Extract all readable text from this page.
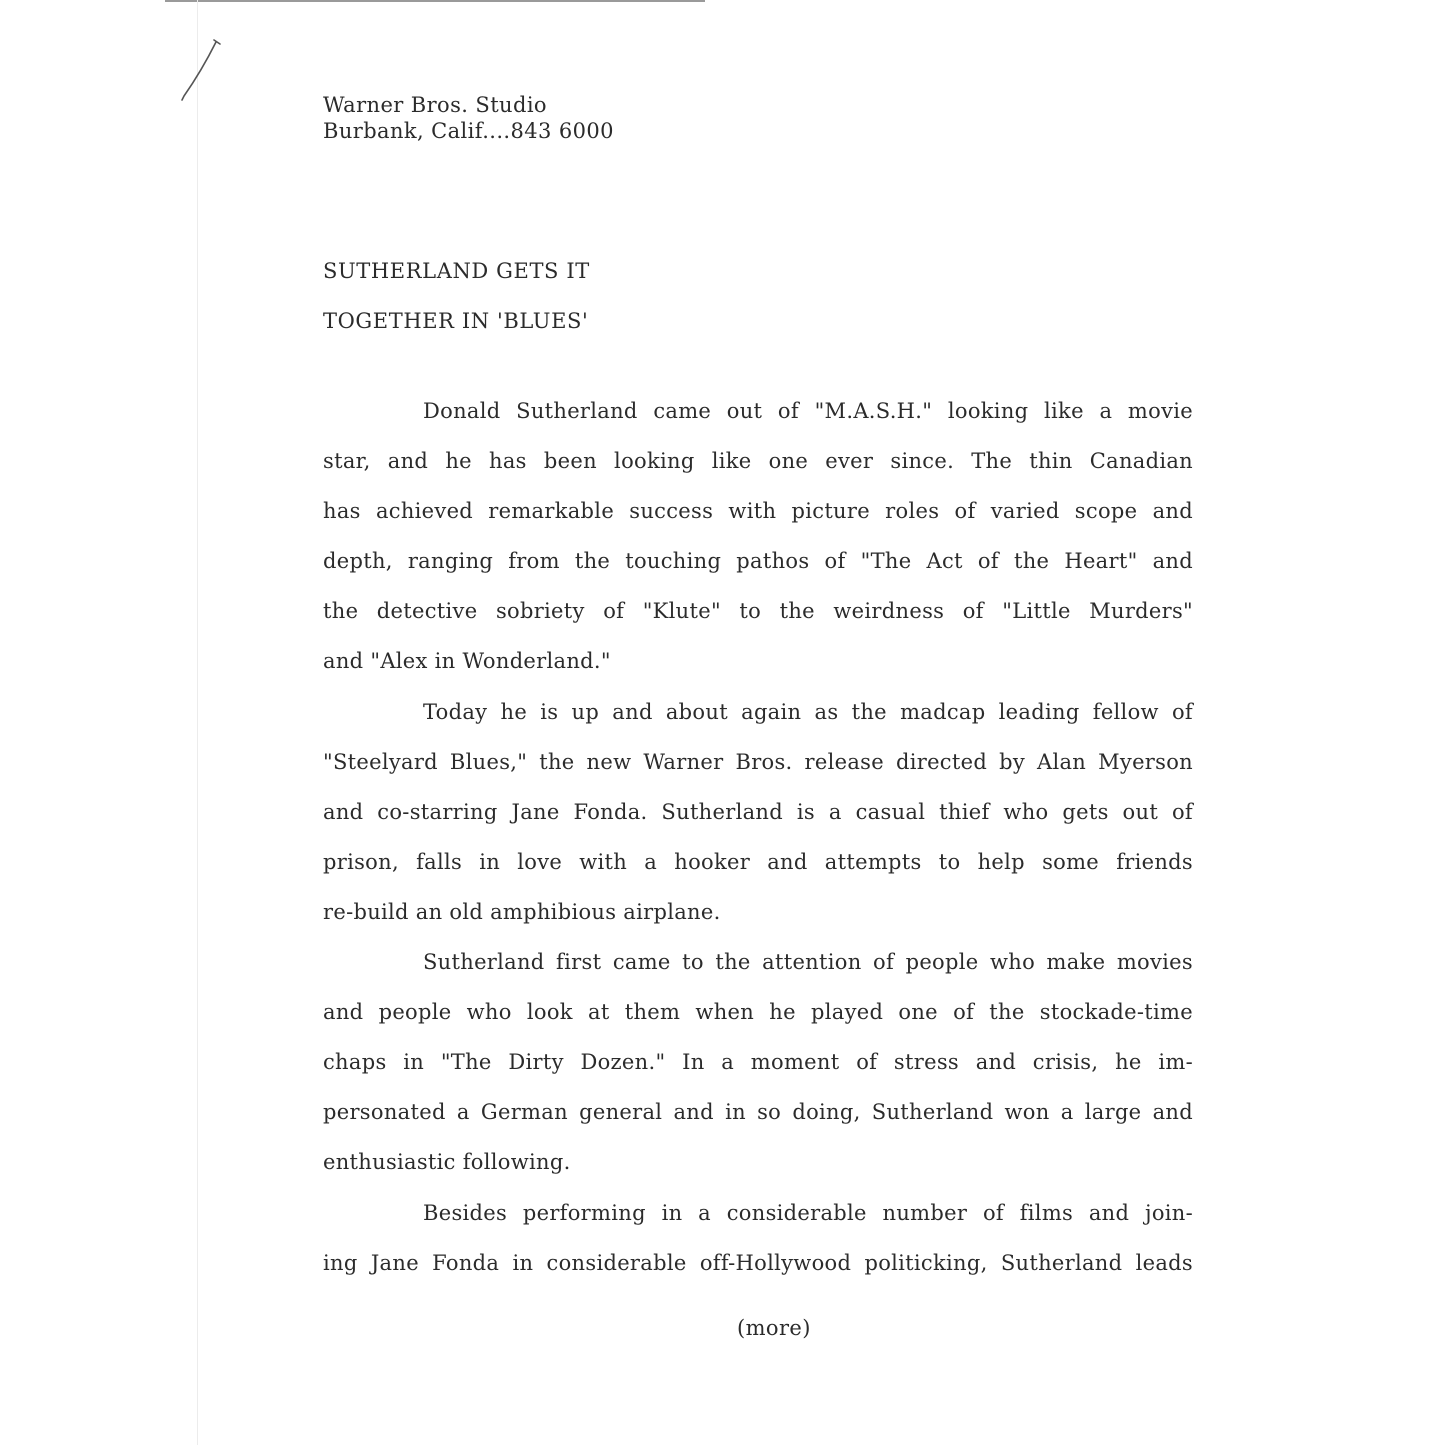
Warner Bros. Studio
Burbank, Calif....843 6000
SUTHERLAND GETS IT
TOGETHER IN 'BLUES'
Donald Sutherland came out of "M.A.S.H." looking like a movie
star, and he has been looking like one ever since. The thin Canadian
has achieved remarkable success with picture roles of varied scope and
depth, ranging from the touching pathos of "The Act of the Heart" and
the detective sobriety of "Klute" to the weirdness of "Little Murders"
and "Alex in Wonderland."
Today he is up and about again as the madcap leading fellow of
"Steelyard Blues," the new Warner Bros. release directed by Alan Myerson
and co-starring Jane Fonda. Sutherland is a casual thief who gets out of
prison, falls in love with a hooker and attempts to help some friends
re-build an old amphibious airplane.
Sutherland first came to the attention of people who make movies
and people who look at them when he played one of the stockade-time
chaps in "The Dirty Dozen." In a moment of stress and crisis, he im-
personated a German general and in so doing, Sutherland won a large and
enthusiastic following.
Besides performing in a considerable number of films and join-
ing Jane Fonda in considerable off-Hollywood politicking, Sutherland leads
(more)
